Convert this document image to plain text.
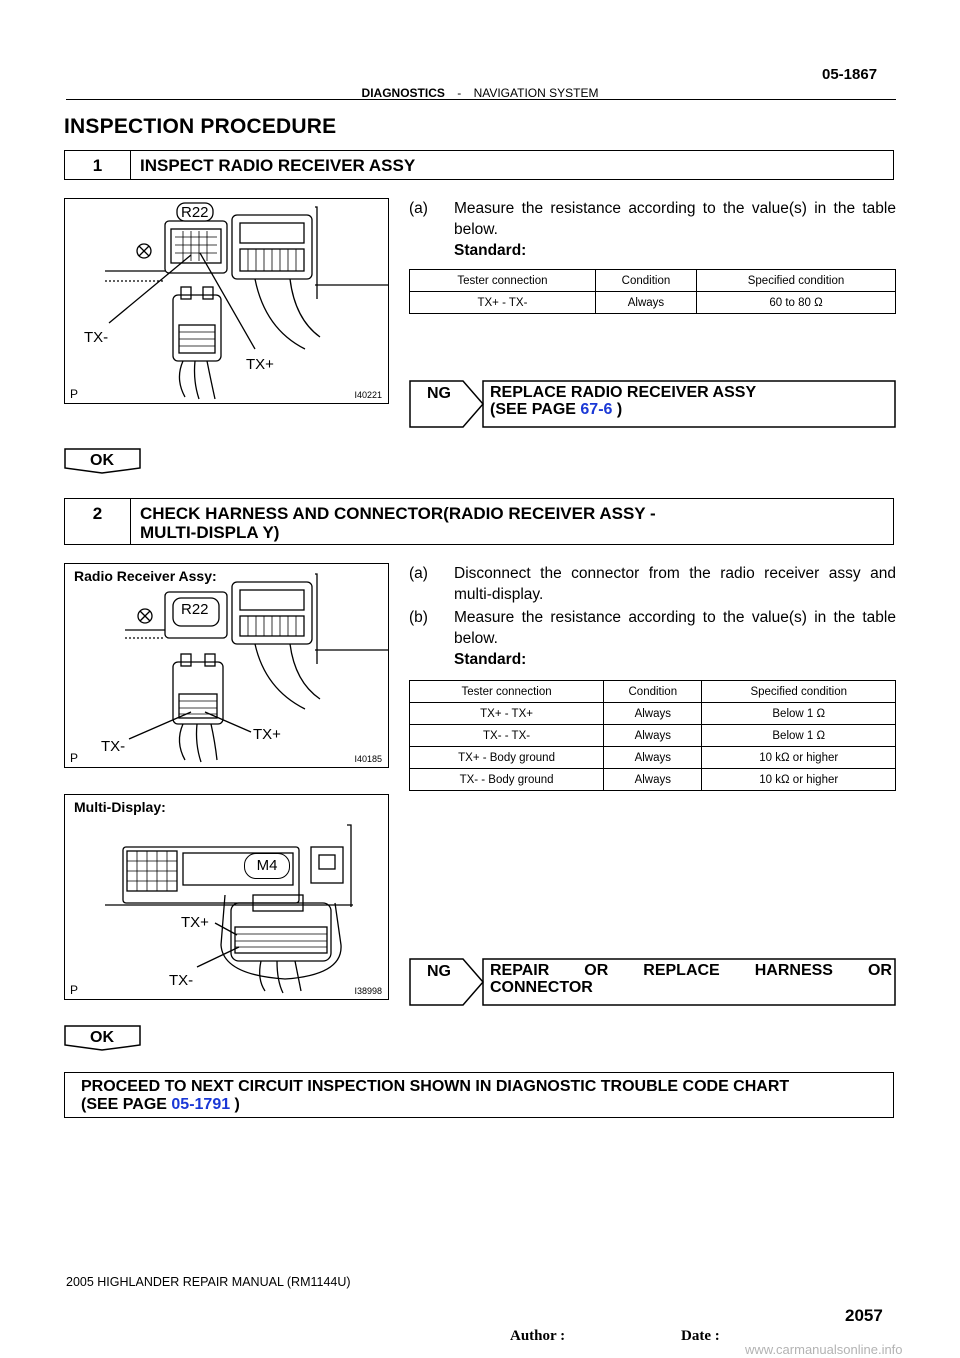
05-1867
DIAGNOSTICS - NAVIGATION SYSTEM
INSPECTION PROCEDURE
1	INSPECT RADIO RECEIVER ASSY
R22
TX-
TX+
P	I40221
(a)	Measure the resistance according to the value(s) in the table below.
Standard:
Tester connection	Condition	Specified condition
TX+ - TX-	Always	60 to 80 Ω
NG REPLACE RADIO RECEIVER ASSY
(SEE PAGE 67-6 )
OK
2	CHECK HARNESS AND CONNECTOR(RADIO RECEIVER ASSY -
MULTI-DISPLA Y)
Radio Receiver Assy:
R22
TX-
TX+
P	I40185
Multi-Display:
M4
TX+
TX-
P	I38998
(a)	Disconnect the connector from the radio receiver assy and multi-display.
(b)	Measure the resistance according to the value(s) in the table below.
Standard:
Tester connection	Condition	Specified condition
TX+ - TX+	Always	Below 1 Ω
TX- - TX-	Always	Below 1 Ω
TX+ - Body ground	Always	10 kΩ or higher
TX- - Body ground	Always	10 kΩ or higher
NG REPAIR OR REPLACE HARNESS OR
CONNECTOR
OK
PROCEED TO NEXT CIRCUIT INSPECTION SHOWN IN DIAGNOSTIC TROUBLE CODE CHART
(SEE PAGE 05-1791 )
2005 HIGHLANDER REPAIR MANUAL (RM1144U)
2057
Author :	Date :
www.carmanualsonline.info
